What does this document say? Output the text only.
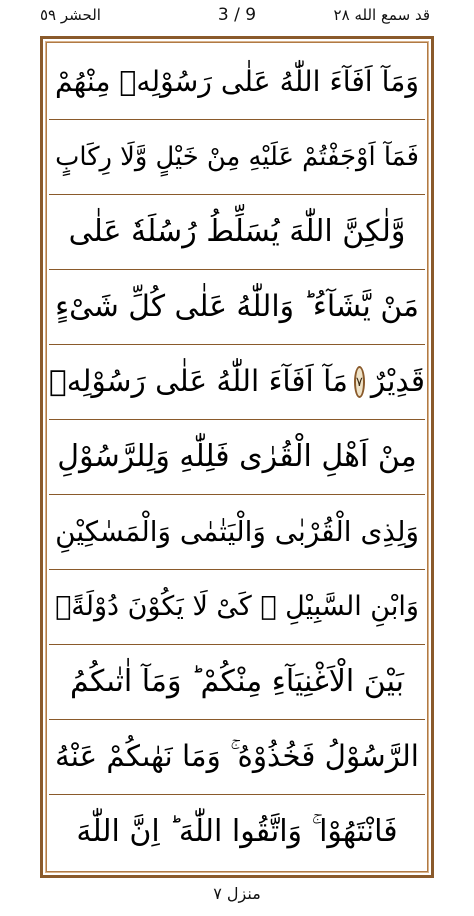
الحشر ٥٩	3 / 9	قد سمع الله ٢٨
وَمَآ اَفَآءَ اللّٰهُ عَلٰى رَسُوْلِهٖ مِنْهُمْ
فَمَآ اَوْجَفْتُمْ عَلَيْهِ مِنْ خَيْلٍ وَّلَا رِكَابٍ
وَّلٰكِنَّ اللّٰهَ يُسَلِّطُ رُسُلَهٗ عَلٰى
مَنْ يَّشَآءُ ؕ وَاللّٰهُ عَلٰى كُلِّ شَىْءٍ
قَدِيْرٌ
٧
مَآ اَفَآءَ اللّٰهُ عَلٰى رَسُوْلِهٖ
مِنْ اَهْلِ الْقُرٰى فَلِلّٰهِ وَلِلرَّسُوْلِ
وَلِذِى الْقُرْبٰى وَالْيَتٰمٰى وَالْمَسٰكِيْنِ
وَابْنِ السَّبِيْلِ ۙ كَىْ لَا يَكُوْنَ دُوْلَةًۢ
بَيْنَ الْاَغْنِيَآءِ مِنْكُمْ ؕ وَمَآ اٰتٰٮكُمُ
الرَّسُوْلُ فَخُذُوْهُ ۚ وَمَا نَهٰٮكُمْ عَنْهُ
فَانْتَهُوْا ۚ وَاتَّقُوا اللّٰهَ ؕ اِنَّ اللّٰهَ
منزل ٧
